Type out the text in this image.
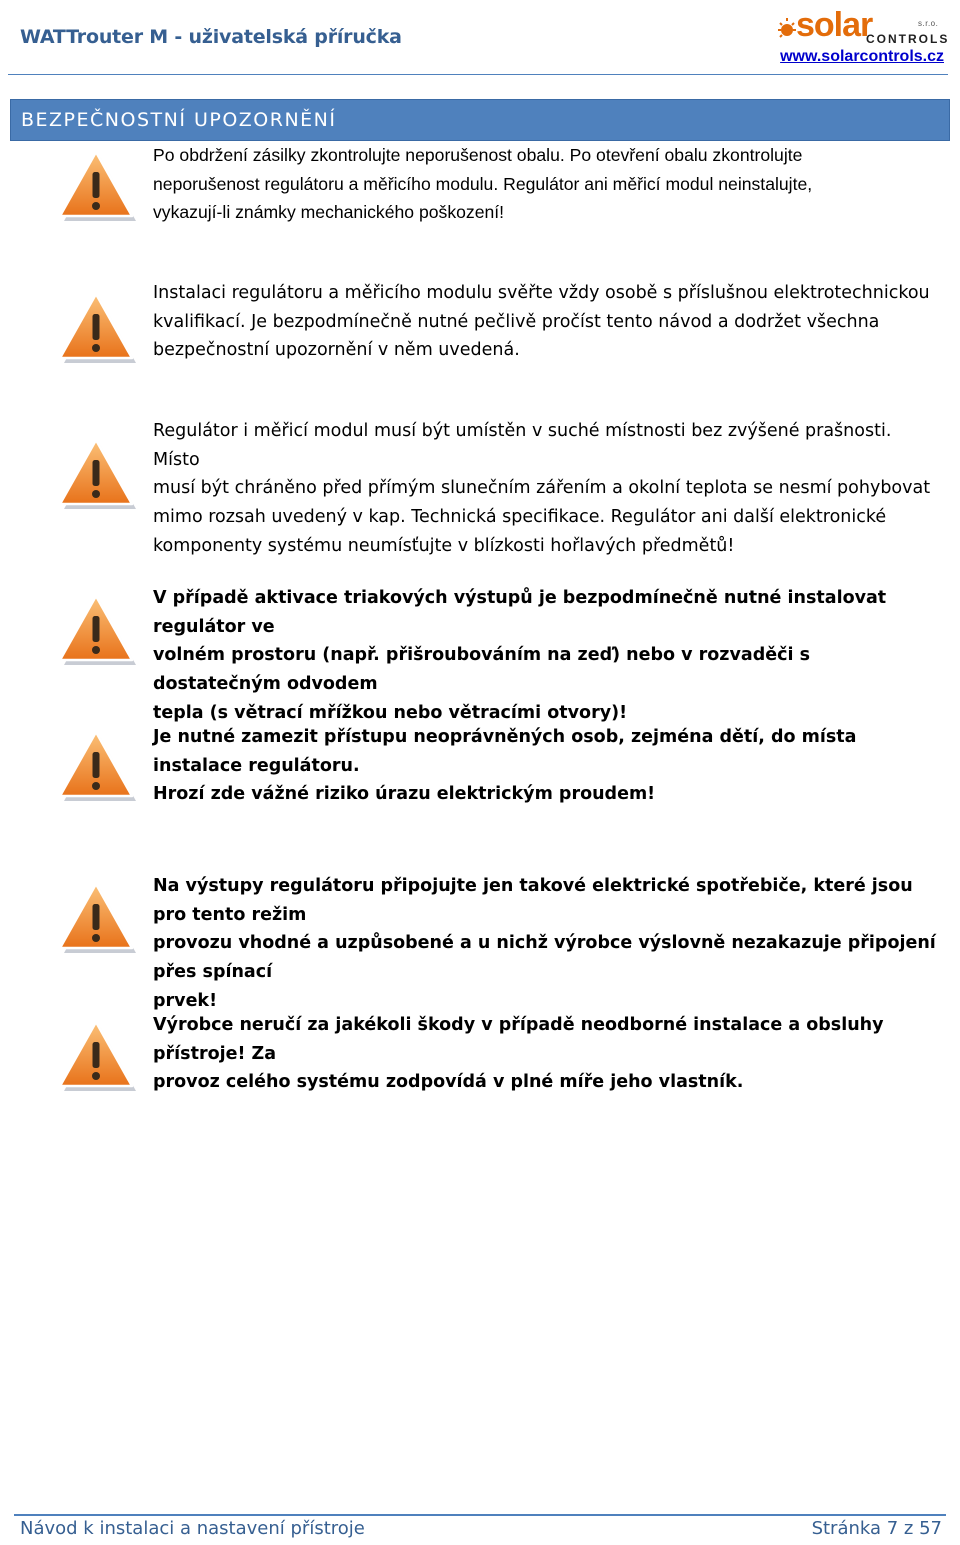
WATTrouter M - uživatelská příručka	solar	s.r.o.
CONTROLS
www.solarcontrols.cz
BEZPEČNOSTNÍ UPOZORNĚNÍ
Po obdržení zásilky zkontrolujte neporušenost obalu. Po otevření obalu zkontrolujte
neporušenost regulátoru a měřicího modulu. Regulátor ani měřicí modul neinstalujte,
vykazují-li známky mechanického poškození!
Instalaci regulátoru a měřicího modulu svěřte vždy osobě s příslušnou elektrotechnickou
kvalifikací. Je bezpodmínečně nutné pečlivě pročíst tento návod a dodržet všechna
bezpečnostní upozornění v něm uvedená.
Regulátor i měřicí modul musí být umístěn v suché místnosti bez zvýšené prašnosti. Místo
musí být chráněno před přímým slunečním zářením a okolní teplota se nesmí pohybovat
mimo rozsah uvedený v kap. Technická specifikace. Regulátor ani další elektronické
komponenty systému neumísťujte v blízkosti hořlavých předmětů!
V případě aktivace triakových výstupů je bezpodmínečně nutné instalovat regulátor ve
volném prostoru (např. přišroubováním na zeď) nebo v rozvaděči s dostatečným odvodem
tepla (s větrací mřížkou nebo větracími otvory)!
Je nutné zamezit přístupu neoprávněných osob, zejména dětí, do místa instalace regulátoru.
Hrozí zde vážné riziko úrazu elektrickým proudem!
Na výstupy regulátoru připojujte jen takové elektrické spotřebiče, které jsou pro tento režim
provozu vhodné a uzpůsobené a u nichž výrobce výslovně nezakazuje připojení přes spínací
prvek!
Výrobce neručí za jakékoli škody v případě neodborné instalace a obsluhy přístroje! Za
provoz celého systému zodpovídá v plné míře jeho vlastník.
Návod k instalaci a nastavení přístroje	Stránka 7 z 57
